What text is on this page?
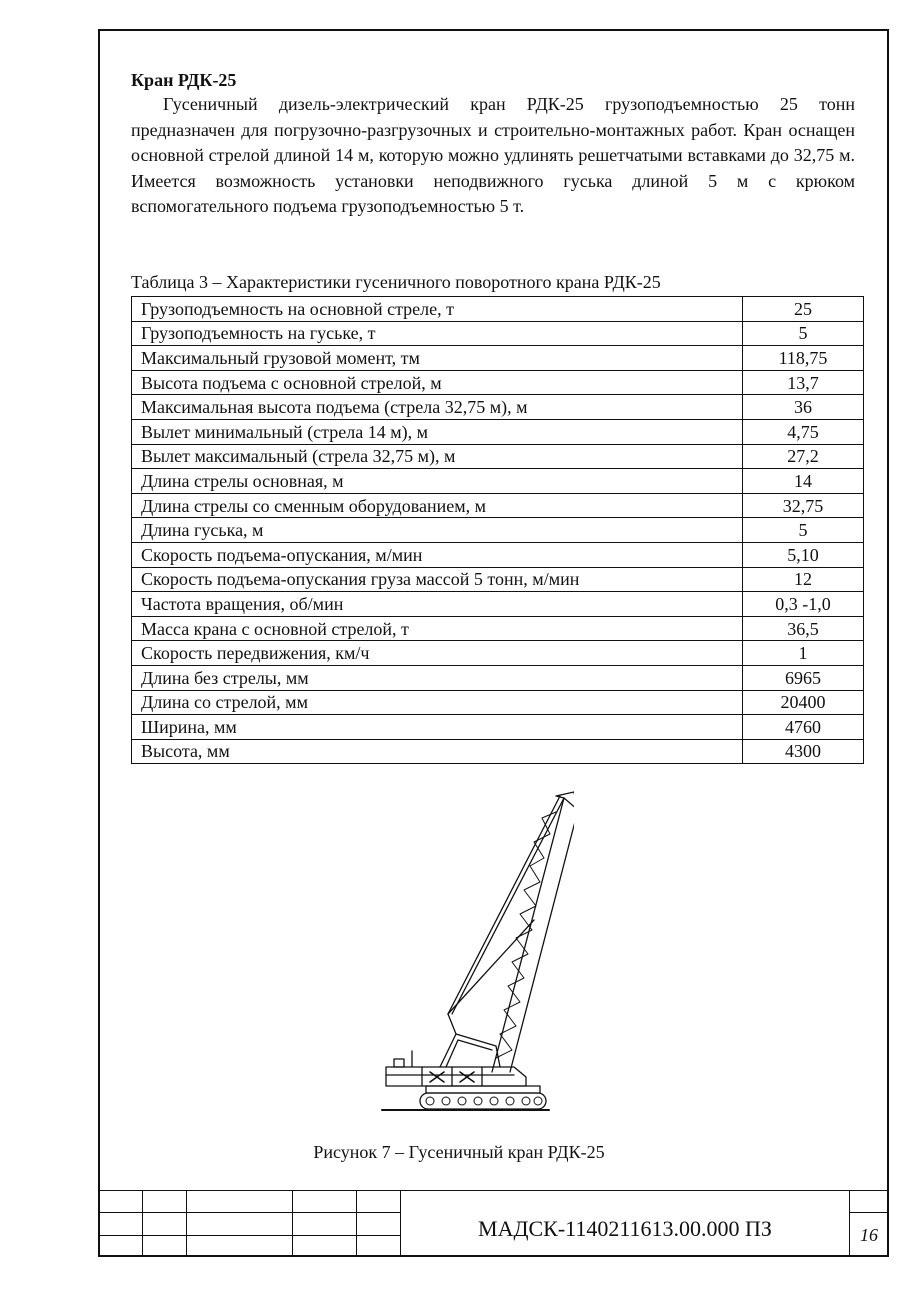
Кран РДК-25

Гусеничный дизель-электрический кран РДК-25 грузоподъемностью 25 тонн предназначен для погрузочно-разгрузочных и строительно-монтажных работ. Кран оснащен основной стрелой длиной 14 м, которую можно удлинять решетчатыми вставками до 32,75 м. Имеется возможность установки неподвижного гуська длиной 5 м с крюком вспомогательного подъема грузоподъемностью 5 т.

Таблица 3 – Характеристики гусеничного поворотного крана РДК-25
Грузоподъемность на основной стреле, т	25
Грузоподъемность на гуське, т	5
Максимальный грузовой момент, тм	118,75
Высота подъема с основной стрелой, м	13,7
Максимальная высота подъема (стрела 32,75 м), м	36
Вылет минимальный (стрела 14 м), м	4,75
Вылет максимальный (стрела 32,75 м), м	27,2
Длина стрелы основная, м	14
Длина стрелы со сменным оборудованием, м	32,75
Длина гуська, м	5
Скорость подъема-опускания, м/мин	5,10
Скорость подъема-опускания груза массой 5 тонн, м/мин	12
Частота вращения, об/мин	0,3 -1,0
Масса крана с основной стрелой, т	36,5
Скорость передвижения, км/ч	1
Длина без стрелы, мм	6965
Длина со стрелой, мм	20400
Ширина, мм	4760
Высота, мм	4300
Рисунок 7 – Гусеничный кран РДК-25
МАДСК-1140211613.00.000 ПЗ	16
